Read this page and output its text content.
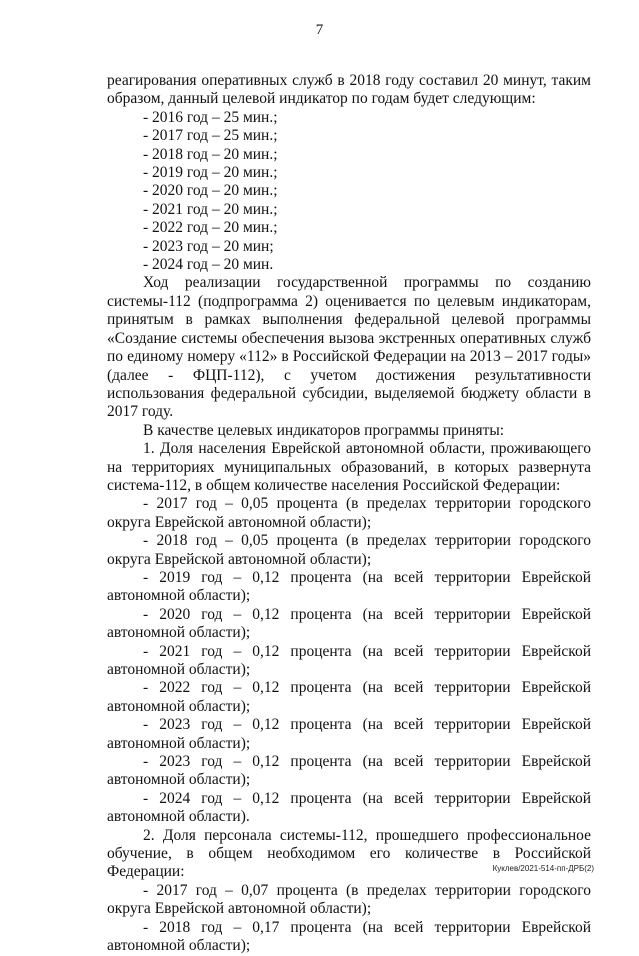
7

реагирования оперативных служб в 2018 году составил 20 минут, таким образом, данный целевой индикатор по годам будет следующим:

- 2016 год – 25 мин.;

- 2017 год – 25 мин.;

- 2018 год – 20 мин.;

- 2019 год – 20 мин.;

- 2020 год – 20 мин.;

- 2021 год – 20 мин.;

- 2022 год – 20 мин.;

- 2023 год – 20 мин;

- 2024 год – 20 мин.

Ход реализации государственной программы по созданию системы-112 (подпрограмма 2) оценивается по целевым индикаторам, принятым в рамках выполнения федеральной целевой программы «Создание системы обеспечения вызова экстренных оперативных служб по единому номеру «112» в Российской Федерации на 2013 – 2017 годы» (далее - ФЦП-112), с учетом достижения результативности использования федеральной субсидии, выделяемой бюджету области в 2017 году.

В качестве целевых индикаторов программы приняты:

1. Доля населения Еврейской автономной области, проживающего на территориях муниципальных образований, в которых развернута система-112, в общем количестве населения Российской Федерации:

- 2017 год – 0,05 процента (в пределах территории городского округа Еврейской автономной области);

- 2018 год – 0,05 процента (в пределах территории городского округа Еврейской автономной области);

- 2019 год – 0,12 процента (на всей территории Еврейской автономной области);

- 2020 год – 0,12 процента (на всей территории Еврейской автономной области);

- 2021 год – 0,12 процента (на всей территории Еврейской автономной области);

- 2022 год – 0,12 процента (на всей территории Еврейской автономной области);

- 2023 год – 0,12 процента (на всей территории Еврейской автономной области);

- 2023 год – 0,12 процента (на всей территории Еврейской автономной области);

- 2024 год – 0,12 процента (на всей территории Еврейской автономной области).

2. Доля персонала системы-112, прошедшего профессиональное обучение, в общем необходимом его количестве в Российской Федерации:

- 2017 год – 0,07 процента (в пределах территории городского округа Еврейской автономной области);

- 2018 год – 0,17 процента (на всей территории Еврейской автономной области);

Куклев/2021-514-пп-ДРБ(2)
